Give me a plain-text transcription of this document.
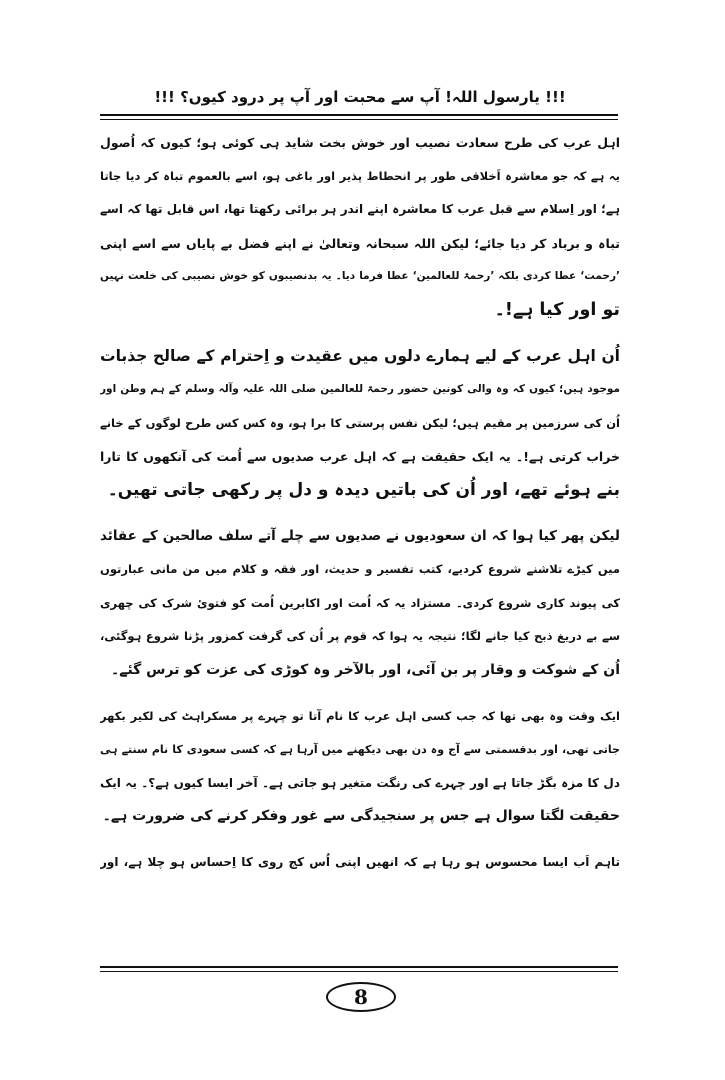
!!! یارسول اللہ! آپ سے محبت اور آپ پر درود کیوں؟ !!!
اہل عرب کی طرح سعادت نصیب اور خوش بخت شاید ہی کوئی ہو؛ کیوں کہ اُصول
یہ ہے کہ جو معاشرہ اَخلاقی طور پر انحطاط پذیر اور باغی ہو، اسے بالعموم تباہ کر دیا جاتا
ہے؛ اور اِسلام سے قبل عرب کا معاشرہ اپنے اندر ہر برائی رکھتا تھا، اس قابل تھا کہ اسے
تباہ و برباد کر دیا جائے؛ لیکن اللہ سبحانہ وتعالیٰ نے اپنے فضل بے پایاں سے اسے اپنی
’رحمت‘ عطا کردی بلکہ ’رحمۃ للعالمین‘ عطا فرما دیا۔ یہ بدنصیبوں کو خوش نصیبی کی خلعت نہیں
تو اور کیا ہے!۔
اُن اہل عرب کے لیے ہمارے دلوں میں عقیدت و اِحترام کے صالح جذبات
موجود ہیں؛ کیوں کہ وہ والی کونین حضور رحمۃ للعالمین صلی اللہ علیہ وآلہ وسلم کے ہم وطن اور
اُن کی سرزمین پر مقیم ہیں؛ لیکن نفس پرستی کا برا ہو، وہ کس کس طرح لوگوں کے خانے
خراب کرتی ہے!۔ یہ ایک حقیقت ہے کہ اہل عرب صدیوں سے اُمت کی آنکھوں کا تارا
بنے ہوئے تھے، اور اُن کی باتیں دیدہ و دل پر رکھی جاتی تھیں۔
لیکن پھر کیا ہوا کہ ان سعودیوں نے صدیوں سے چلے آتے سلف صالحین کے عقائد
میں کیڑے تلاشنے شروع کردیے، کتب تفسیر و حدیث، اور فقہ و کلام میں من مانی عبارتوں
کی پیوند کاری شروع کردی۔ مستزاد یہ کہ اُمت اور اکابرین اُمت کو فتویٔ شرک کی چھری
سے بے دریغ ذبح کیا جانے لگا؛ نتیجہ یہ ہوا کہ قوم پر اُن کی گرفت کمزور پڑنا شروع ہوگئی،
اُن کے شوکت و وقار پر بن آئی، اور بالآخر وہ کوڑی کی عزت کو ترس گئے۔
ایک وقت وہ بھی تھا کہ جب کسی اہل عرب کا نام آتا تو چہرے پر مسکراہٹ کی لکیر بکھر
جاتی تھی، اور بدقسمتی سے آج وہ دن بھی دیکھنے میں آرہا ہے کہ کسی سعودی کا نام سنتے ہی
دل کا مزہ بگڑ جاتا ہے اور چہرے کی رنگت متغیر ہو جاتی ہے۔ آخر ایسا کیوں ہے؟۔ یہ ایک
حقیقت لگتا سوال ہے جس پر سنجیدگی سے غور وفکر کرنے کی ضرورت ہے۔
تاہم اَب ایسا محسوس ہو رہا ہے کہ انھیں اپنی اُس کج روی کا اِحساس ہو چلا ہے، اور
8
